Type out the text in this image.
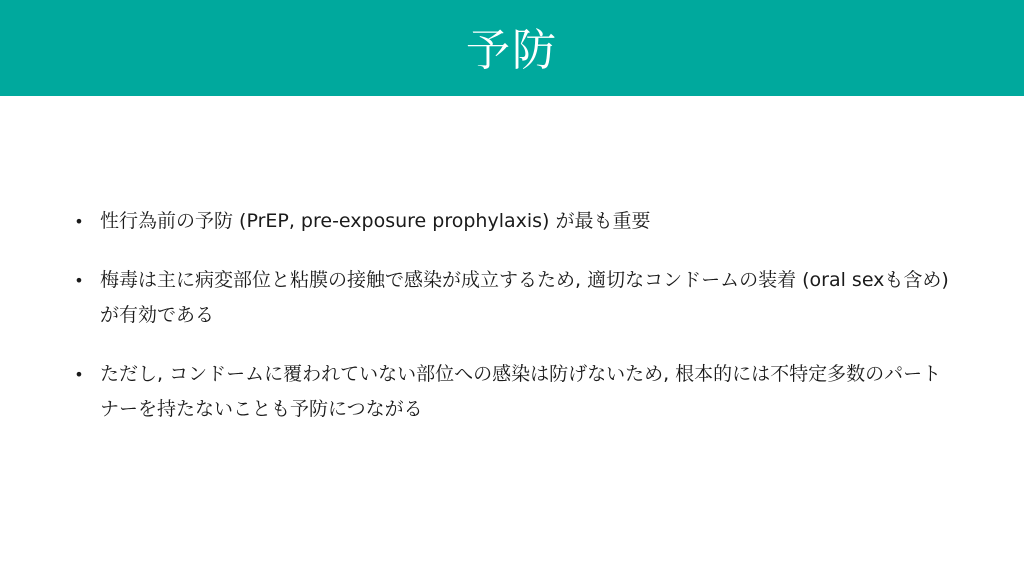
予防
• 性行為前の予防 (PrEP, pre-exposure prophylaxis) が最も重要
• 梅毒は主に病変部位と粘膜の接触で感染が成立するため, 適切なコンドームの装着 (oral sexも含め) が有効である
• ただし, コンドームに覆われていない部位への感染は防げないため, 根本的には不特定多数のパートナーを持たないことも予防につながる
